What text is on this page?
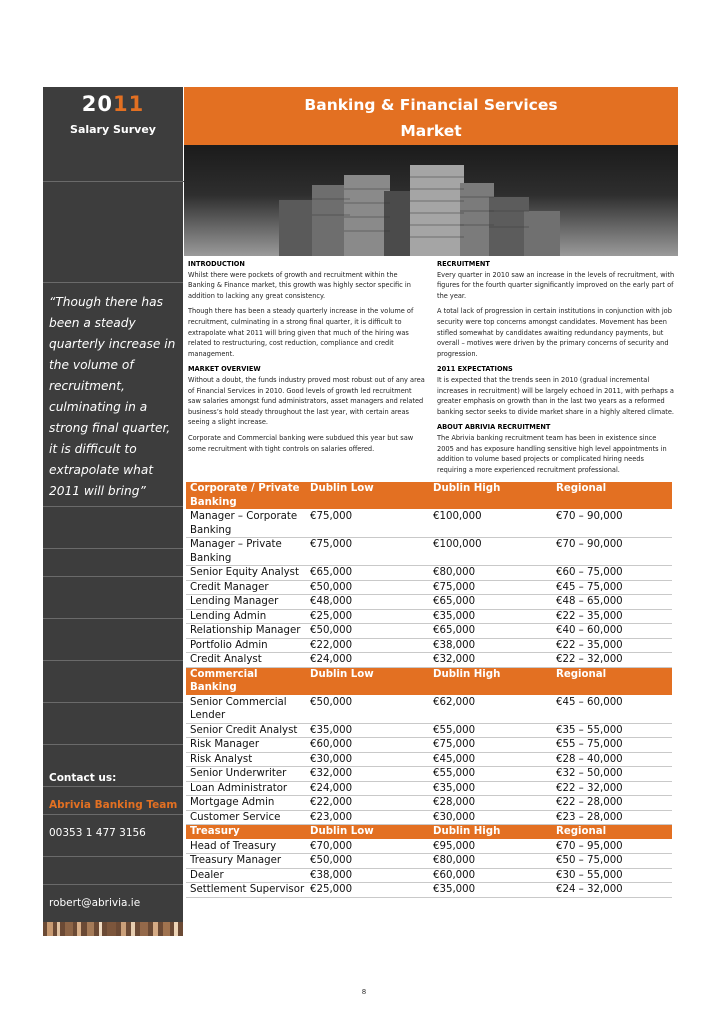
2011
Salary Survey
“Though there has been a steady quarterly increase in the volume of recruitment, culminating in a strong final quarter, it is difficult to extrapolate what 2011 will bring”
Contact us:
Abrivia Banking Team
00353 1 477 3156
robert@abrivia.ie
Banking & Financial Services
Market
INTRODUCTION

Whilst there were pockets of growth and recruitment within the Banking & Finance market, this growth was highly sector specific in addition to lacking any great consistency.

Though there has been a steady quarterly increase in the volume of recruitment, culminating in a strong final quarter, it is difficult to extrapolate what 2011 will bring given that much of the hiring was related to restructuring, cost reduction, compliance and credit management.

MARKET OVERVIEW

Without a doubt, the funds industry proved most robust out of any area of Financial Services in 2010. Good levels of growth led recruitment saw salaries amongst fund administrators, asset managers and related business’s hold steady throughout the last year, with certain areas seeing a slight increase.

Corporate and Commercial banking were subdued this year but saw some recruitment with tight controls on salaries offered.

RECRUITMENT

Every quarter in 2010 saw an increase in the levels of recruitment, with figures for the fourth quarter significantly improved on the early part of the year.

A total lack of progression in certain institutions in conjunction with job security were top concerns amongst candidates. Movement has been stifled somewhat by candidates awaiting redundancy payments, but overall – motives were driven by the primary concerns of security and progression.

2011 EXPECTATIONS

It is expected that the trends seen in 2010 (gradual incremental increases in recruitment) will be largely echoed in 2011, with perhaps a greater emphasis on growth than in the last two years as a reformed banking sector seeks to divide market share in a highly altered climate.

ABOUT ABRIVIA RECRUITMENT

The Abrivia banking recruitment team has been in existence since 2005 and has exposure handling sensitive high level appointments in addition to volume based projects or complicated hiring needs requiring a more experienced recruitment professional.

Corporate / Private Banking
Dublin Low	Dublin High	Regional
Manager – Corporate Banking
€75,000	€100,000	€70 – 90,000
Manager – Private Banking
€75,000	€100,000	€70 – 90,000
Senior Equity Analyst	€65,000	€80,000	€60 – 75,000
Credit Manager	€50,000	€75,000	€45 – 75,000
Lending Manager	€48,000	€65,000	€48 – 65,000
Lending Admin	€25,000	€35,000	€22 – 35,000
Relationship Manager €50,000	€65,000	€40 – 60,000
Portfolio Admin	€22,000	€38,000	€22 – 35,000
Credit Analyst	€24,000	€32,000	€22 – 32,000
Commercial Banking
Dublin Low	Dublin High	Regional
Senior Commercial Lender
€50,000	€62,000	€45 – 60,000
Senior Credit Analyst	€35,000	€55,000	€35 – 55,000
Risk Manager	€60,000	€75,000	€55 – 75,000
Risk Analyst	€30,000	€45,000	€28 – 40,000
Senior Underwriter	€32,000	€55,000	€32 – 50,000
Loan Administrator	€24,000	€35,000	€22 – 32,000
Mortgage Admin	€22,000	€28,000	€22 – 28,000
Customer Service	€23,000	€30,000	€23 – 28,000
Treasury	Dublin Low	Dublin High	Regional
Head of Treasury	€70,000	€95,000	€70 – 95,000
Treasury Manager	€50,000	€80,000	€50 – 75,000
Dealer	€38,000	€60,000	€30 – 55,000
Settlement Supervisor €25,000	€35,000	€24 – 32,000
8
